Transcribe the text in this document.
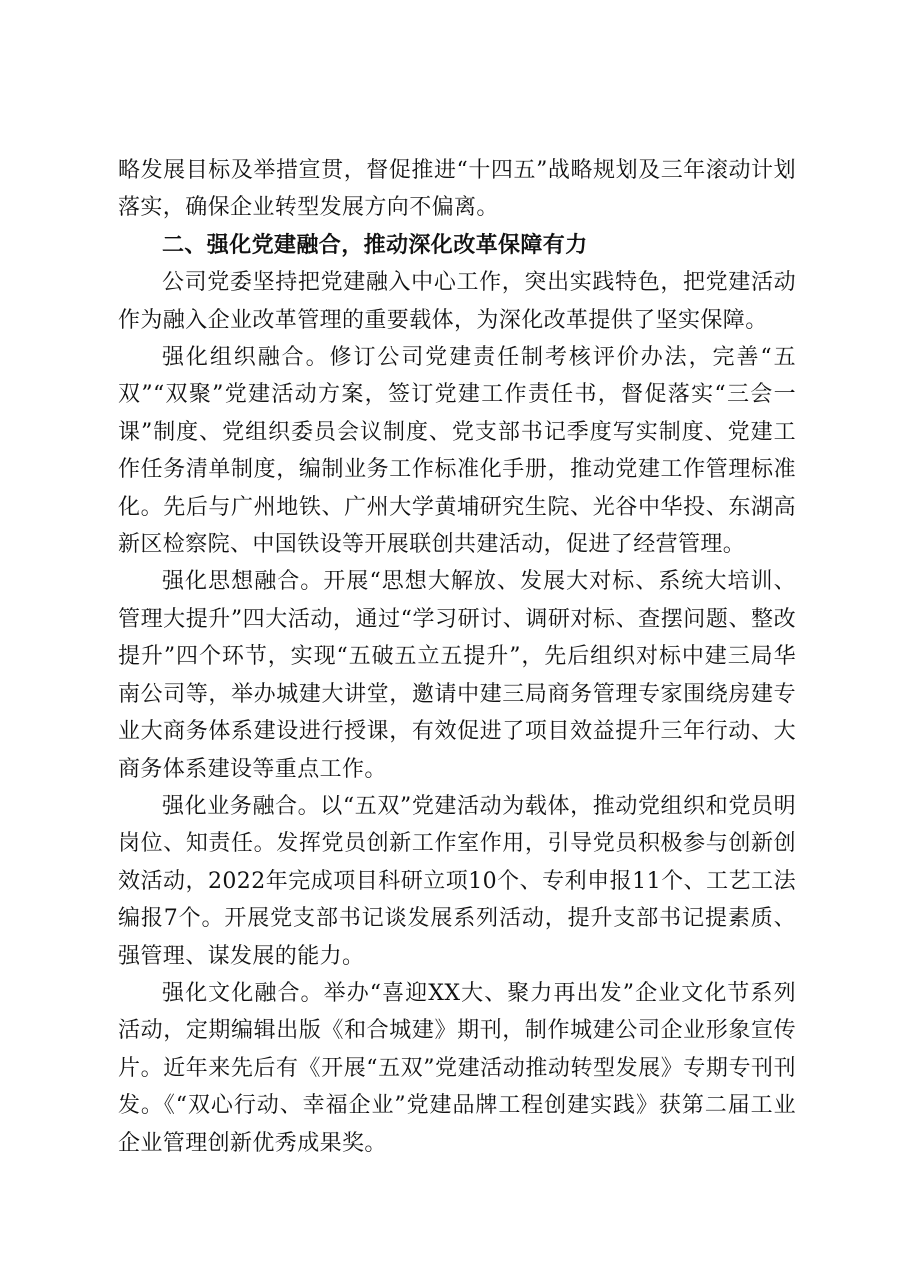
略发展目标及举措宣贯，督促推进“十四五”战略规划及三年滚动计划落实，确保企业转型发展方向不偏离。

二、强化党建融合，推动深化改革保障有力

公司党委坚持把党建融入中心工作，突出实践特色，把党建活动作为融入企业改革管理的重要载体，为深化改革提供了坚实保障。

强化组织融合。修订公司党建责任制考核评价办法，完善“五双”“双聚”党建活动方案，签订党建工作责任书，督促落实“三会一课”制度、党组织委员会议制度、党支部书记季度写实制度、党建工作任务清单制度，编制业务工作标准化手册，推动党建工作管理标准化。先后与广州地铁、广州大学黄埔研究生院、光谷中华投、东湖高新区检察院、中国铁设等开展联创共建活动，促进了经营管理。

强化思想融合。开展“思想大解放、发展大对标、系统大培训、管理大提升”四大活动，通过“学习研讨、调研对标、查摆问题、整改提升”四个环节，实现“五破五立五提升”，先后组织对标中建三局华南公司等，举办城建大讲堂，邀请中建三局商务管理专家围绕房建专业大商务体系建设进行授课，有效促进了项目效益提升三年行动、大商务体系建设等重点工作。

强化业务融合。以“五双”党建活动为载体，推动党组织和党员明岗位、知责任。发挥党员创新工作室作用，引导党员积极参与创新创效活动，2022年完成项目科研立项10个、专利申报11个、工艺工法编报7个。开展党支部书记谈发展系列活动，提升支部书记提素质、强管理、谋发展的能力。

强化文化融合。举办“喜迎XX大、聚力再出发”企业文化节系列活动，定期编辑出版《和合城建》期刊，制作城建公司企业形象宣传片。近年来先后有《开展“五双”党建活动推动转型发展》专期专刊刊发。《“双心行动、幸福企业”党建品牌工程创建实践》获第二届工业企业管理创新优秀成果奖。
